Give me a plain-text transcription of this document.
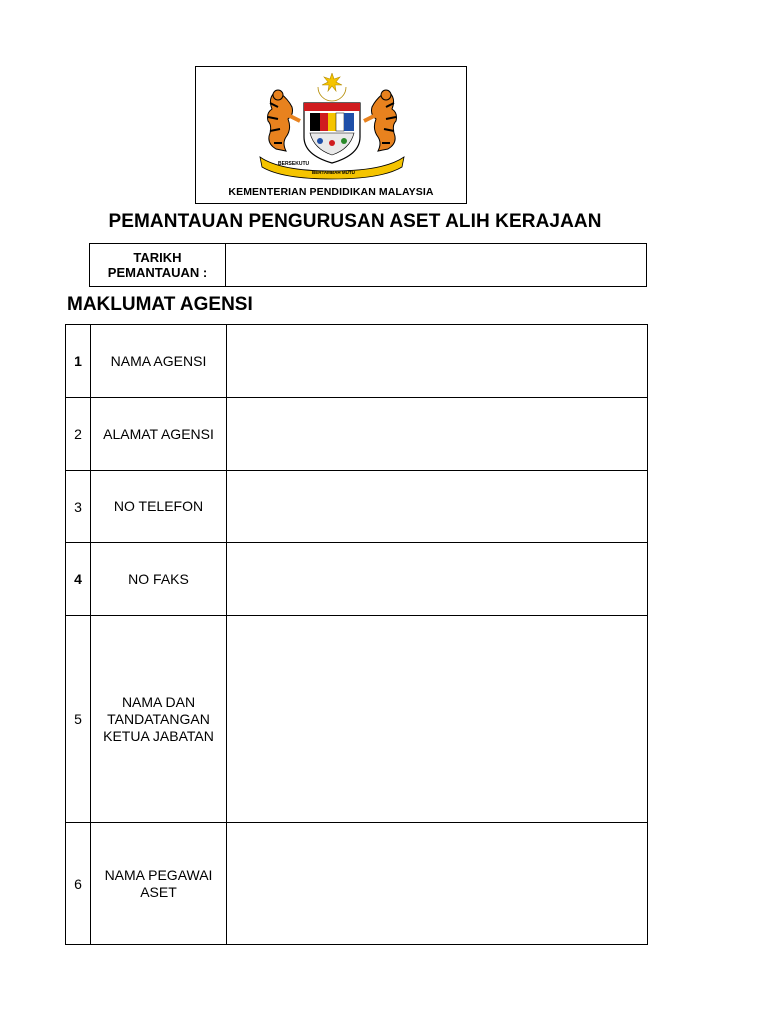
BERSEKUTU
BERTAMBAH MUTU
KEMENTERIAN PENDIDIKAN MALAYSIA
PEMANTAUAN PENGURUSAN ASET ALIH KERAJAAN
TARIKH
PEMANTAUAN :
MAKLUMAT AGENSI
1	NAMA AGENSI	
2	ALAMAT AGENSI	
3	NO TELEFON	
4	NO FAKS	
5	NAMA DAN
TANDATANGAN
KETUA JABATAN	

6	NAMA PEGAWAI
ASET	
